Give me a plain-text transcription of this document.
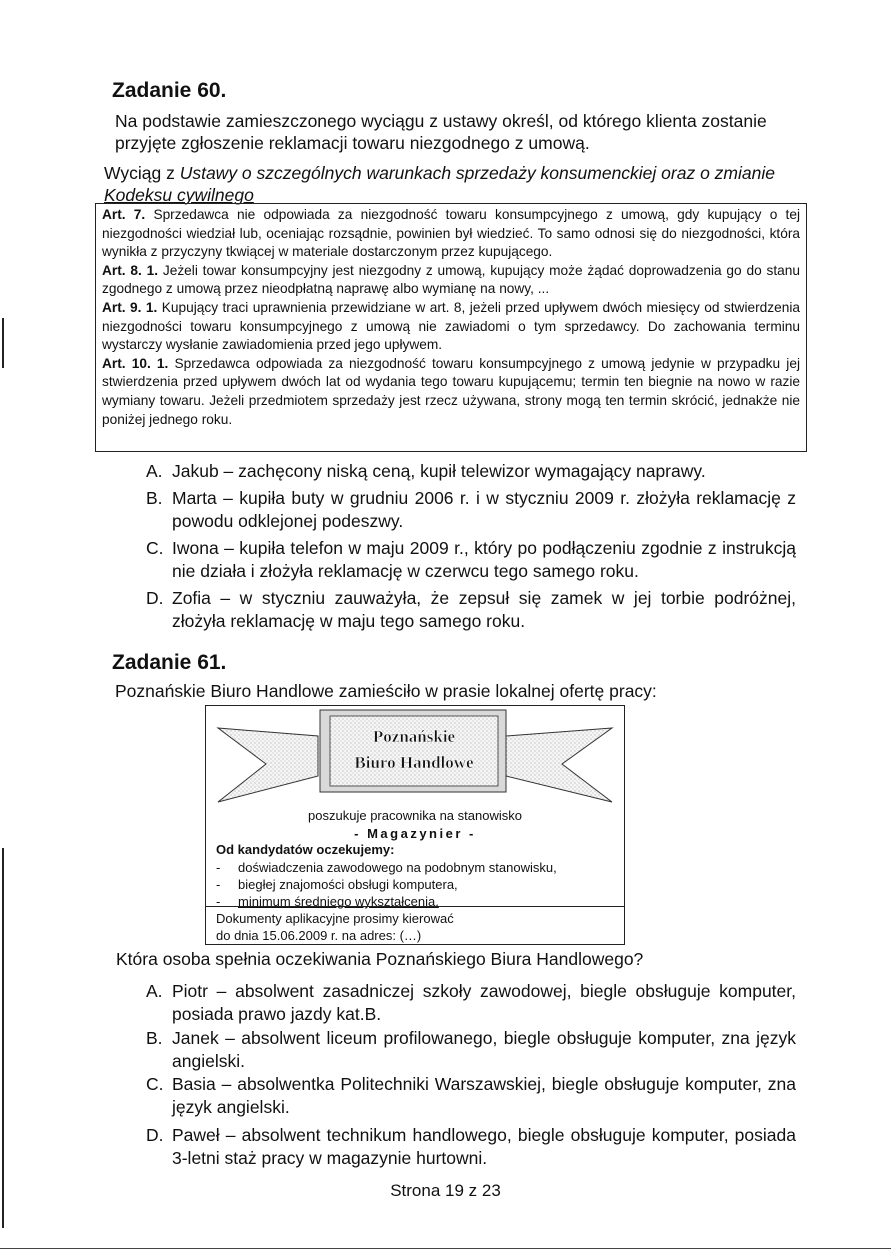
Zadanie 60.

Na podstawie zamieszczonego wyciągu z ustawy określ, od którego klienta zostanie przyjęte zgłoszenie reklamacji towaru niezgodnego z umową.

Wyciąg z Ustawy o szczególnych warunkach sprzedaży konsumenckiej oraz o zmianie
Kodeksu cywilnego

Art. 7. Sprzedawca nie odpowiada za niezgodność towaru konsumpcyjnego z umową, gdy kupujący o tej niezgodności wiedział lub, oceniając rozsądnie, powinien był wiedzieć. To samo odnosi się do niezgodności, która wynikła z przyczyny tkwiącej w materiale dostarczonym przez kupującego.

Art. 8. 1. Jeżeli towar konsumpcyjny jest niezgodny z umową, kupujący może żądać doprowadzenia go do stanu zgodnego z umową przez nieodpłatną naprawę albo wymianę na nowy, ...

Art. 9. 1. Kupujący traci uprawnienia przewidziane w art. 8, jeżeli przed upływem dwóch miesięcy od stwierdzenia niezgodności towaru konsumpcyjnego z umową nie zawiadomi o tym sprzedawcy. Do zachowania terminu wystarczy wysłanie zawiadomienia przed jego upływem.

Art. 10. 1. Sprzedawca odpowiada za niezgodność towaru konsumpcyjnego z umową jedynie w przypadku jej stwierdzenia przed upływem dwóch lat od wydania tego towaru kupującemu; termin ten biegnie na nowo w razie wymiany towaru. Jeżeli przedmiotem sprzedaży jest rzecz używana, strony mogą ten termin skrócić, jednakże nie poniżej jednego roku.

A. Jakub – zachęcony niską ceną, kupił telewizor wymagający naprawy.
B. Marta – kupiła buty w grudniu 2006 r. i w styczniu 2009 r. złożyła reklamację z powodu odklejonej podeszwy.
C. Iwona – kupiła telefon w maju 2009 r., który po podłączeniu zgodnie z instrukcją nie działa i złożyła reklamację w czerwcu tego samego roku.
D. Zofia – w styczniu zauważyła, że zepsuł się zamek w jej torbie podróżnej, złożyła reklamację w maju tego samego roku.
Zadanie 61.

Poznańskie Biuro Handlowe zamieściło w prasie lokalnej ofertę pracy:

Poznańskie
Biuro Handlowe
poszukuje pracownika na stanowisko
- Magazynier -
Od kandydatów oczekujemy:
- doświadczenia zawodowego na podobnym stanowisku,
- biegłej znajomości obsługi komputera,
- minimum średniego wykształcenia.

Dokumenty aplikacyjne prosimy kierować

do dnia 15.06.2009 r. na adres: (…)

Która osoba spełnia oczekiwania Poznańskiego Biura Handlowego?

A. Piotr – absolwent zasadniczej szkoły zawodowej, biegle obsługuje komputer, posiada prawo jazdy kat.B.
B. Janek – absolwent liceum profilowanego, biegle obsługuje komputer, zna język angielski.
C. Basia – absolwentka Politechniki Warszawskiej, biegle obsługuje komputer, zna język angielski.
D. Paweł – absolwent technikum handlowego, biegle obsługuje komputer, posiada 3-letni staż pracy w magazynie hurtowni.
Strona 19 z 23
